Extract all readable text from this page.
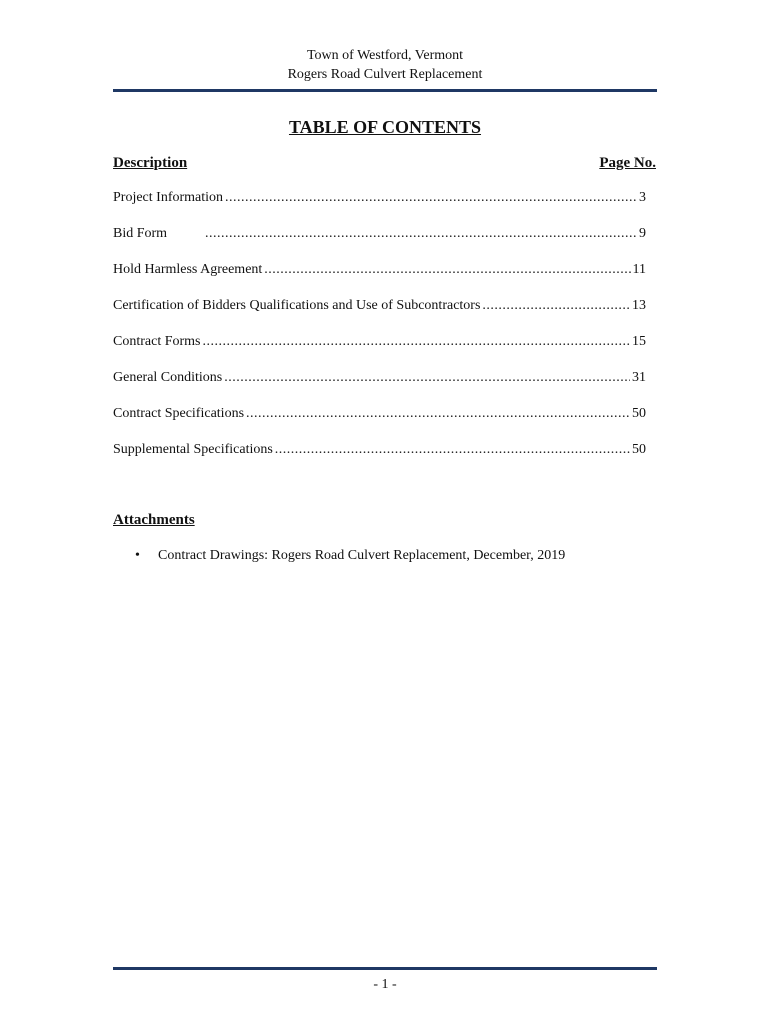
Town of Westford, Vermont
Rogers Road Culvert Replacement
TABLE OF CONTENTS
Description	Page No.
Project Information .....	3
Bid Form .....	9
Hold Harmless Agreement .....	11
Certification of Bidders Qualifications and Use of Subcontractors .....	13
Contract Forms .....	15
General Conditions .....	31
Contract Specifications .....	50
Supplemental Specifications .....	50
Attachments
•	Contract Drawings: Rogers Road Culvert Replacement, December, 2019
- 1 -
